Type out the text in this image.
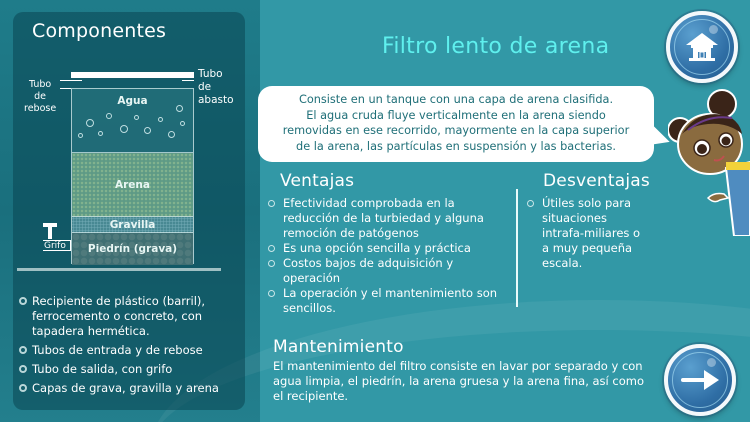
Componentes
Tubo de
rebose
Tubo de
abasto
Agua
Arena
Gravilla
Piedrín (grava)
Grifo
Recipiente de plástico (barril), ferrocemento o concreto, con tapadera hermética.
Tubos de entrada y de rebose
Tubo de salida, con grifo
Capas de grava, gravilla y arena
Filtro lento de arena
Consiste en un tanque con una capa de arena clasifida.
El agua cruda fluye verticalmente en la arena siendo
removidas en ese recorrido, mayormente en la capa superior
de la arena, las partículas en suspensión y las bacterias.
Ventajas
Efectividad comprobada en la reducción de la turbiedad y alguna remoción de patógenos
Es una opción sencilla y práctica
Costos bajos de adquisición y operación
La operación y el mantenimiento son sencillos.
Desventajas
Útiles solo para situaciones intrafa-miliares o a muy pequeña escala.
Mantenimiento
El mantenimiento del filtro consiste en lavar por separado y con agua limpia, el piedrín, la arena gruesa y la arena fina, así como el recipiente.
